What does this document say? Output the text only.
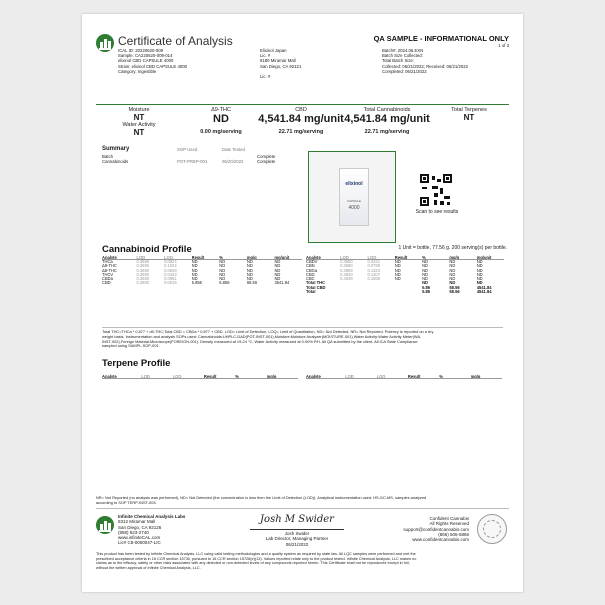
Certificate of Analysis	QA SAMPLE - INFORMATIONAL ONLY
1 of 3
ICAL ID: 20220620-009
Sample: CA220620-009-014
elixinol CBD CAPSULE 4000
Strain: elixinol CBD CAPSULE 4000
Category: Ingestible
Elixinol Japan
Lic. #
8180 Miramar Mall
San Diego, CA 92121
Lic. #
Batch#: 2024.06.EXN
Batch Size Collected:
Total Batch Size:
Collected: 06/21/2022; Received: 06/21/2022
Completed: 06/21/2022
Moisture
NT
Water Activity
NT
Δ9-THC
ND
0.00 mg/serving
CBD
4,541.84 mg/unit
22.71 mg/serving
Total Cannabinoids
4,541.84 mg/unit
22.71 mg/serving
Total Terpenes
NT
Summary	SOP Used	Date Tested
Batch	Complete
Cannabinoids	POT-PREP-001	06/20/2022	Complete
elixinol
CAPSULE
4000
Scan to see results
Cannabinoid Profile	1 Unit = bottle, 77.56 g. 200 serving(s) per bottle.
Analyte	LOD	LOQ	Result	%	mg/g	mg/unit
THCa	0.3680	0.0924	ND	ND	ND	ND
Δ9-THC	0.3680	0.1024	ND	ND	ND	ND
Δ8-THC	0.3680	0.0848	ND	ND	ND	ND
THCV	0.3680	0.0423	ND	ND	ND	ND
CBDa	0.3680	0.0951	ND	ND	ND	ND
CBD	0.3680	0.0815	5.856	5.856	58.56	4541.84
Analyte	LOD	LOQ	Result	%	mg/g	mg/unit
CBDV	0.3680	0.0421	ND	ND	ND	ND
CBN	0.3680	0.0790	ND	ND	ND	ND
CBGa	0.3993	0.1323	ND	ND	ND	ND
CBG	0.3920	0.1307	ND	ND	ND	ND
CBC	0.4549	0.1556	ND	ND	ND	ND
Total THC	ND	ND	ND
Total CBD	5.86	58.56	4541.84
Total	5.86	58.56	4541.84
Total THC=THCa * 0.877 + d9-THC;Total CBD = CBDa * 0.877 + CBD. LOD= Limit of Detection, LOQ= Limit of Quantitation, ND= Not Detected, NR= Not Reported. Potency is reported on a dry
weight basis. Instrumentation and analysis SOPs used: Cannabinoids:UHPLC-DAD(POT-INST-001),Moisture:Moisture Analyzer(MOISTURE-001),Water Activity:Water Activity Meter(WA-
INST-002),Foreign Material:Microscope(FOREIGN-001). Density measured at 19-24 °C, Water Activity measured at 0-90% RH. All QA submitted by the client. All ICA State Compliance
sampled using SAMPL-SOP-001.
Terpene Profile
Analyte	LOD	LOQ	Result	%	mg/g	Analyte	LOD	LOQ	Result	%	mg/g
NR= Not Reported (no analysis was performed), ND= Not Detected (the concentration is less then the Limit of Detection (LOD)). Analytical instrumentation used: HS-GC-MS, samples analyzed
according to SOP TERP-INST-003.
Infinite Chemical Analysis Labs
8312 Miramar Mall
San Diego, CA 92126
(858) 623-2740
www.infiniteCAL.com
Lic# C8-0000047-LIC
Josh M Swider
Josh Swider
Lab Director, Managing Partner
06/21/2022
Confident Cannabis
All Rights Reserved
support@confidentcannabis.com
(866) 506-5866
www.confidentcannabis.com
This product has been tested by Infinite Chemical Analysis, LLC using valid testing methodologies and a quality system as required by state law. All LQC samples were performed and met the
prescribed acceptance criteria in 16 CCR section 15730, pursuant to 16 CCR section 15726(e)(13). Values reported relate only to the product tested. Infinite Chemical Analysis, LLC makes no
claims as to the efficacy, safety or other risks associated with any detected or non-detected levels of any compounds reported herein. This Certificate shall not be reproduced except in full,
without the written approval of Infinite Chemical Analysis, LLC.
